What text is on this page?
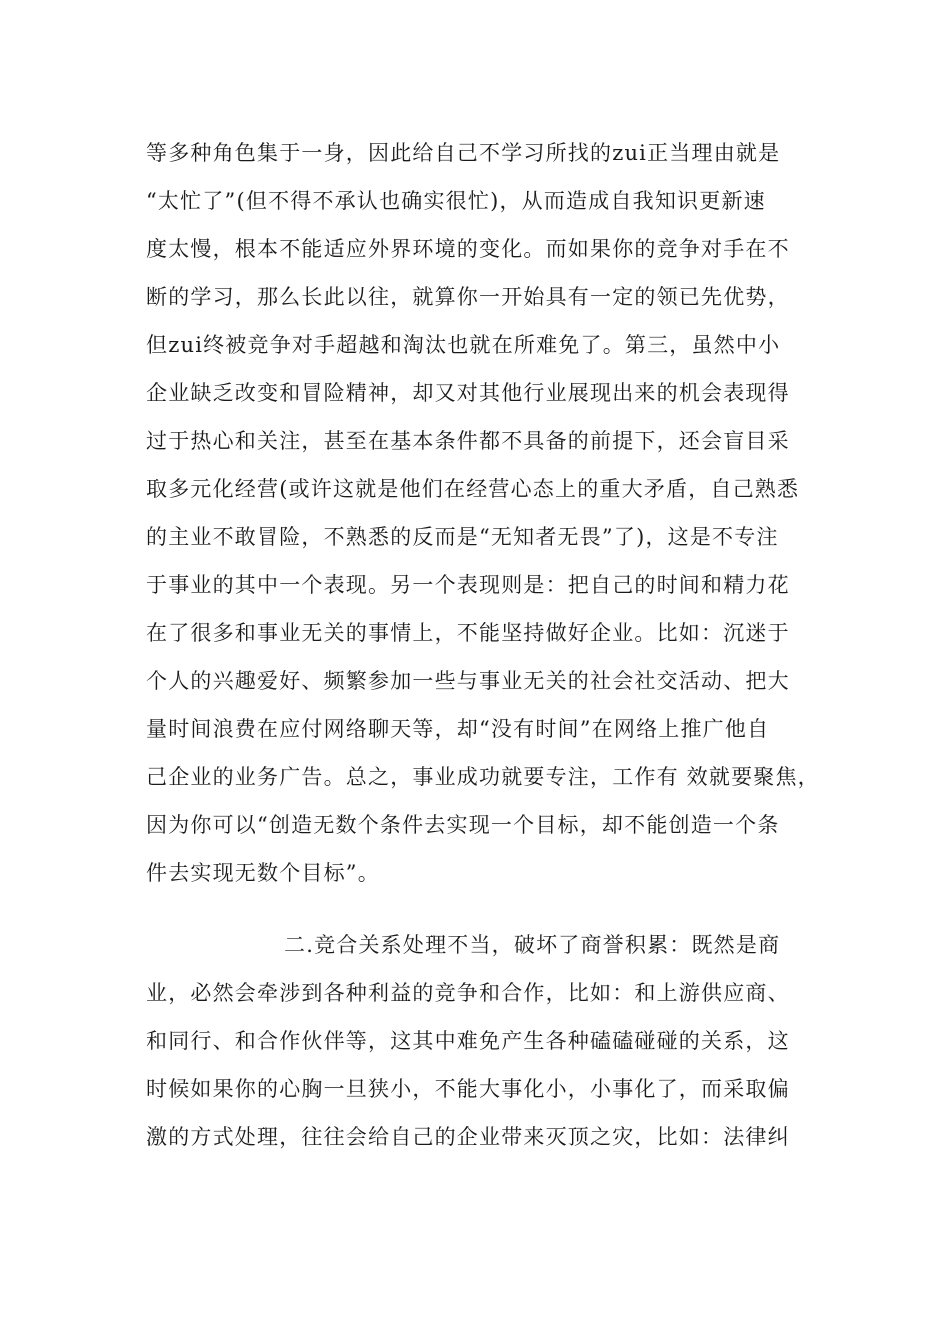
等多种角色集于一身，因此给自己不学习所找的zui正当理由就是
“太忙了”(但不得不承认也确实很忙)，从而造成自我知识更新速
度太慢，根本不能适应外界环境的变化。而如果你的竞争对手在不
断的学习，那么长此以往，就算你一开始具有一定的领已先优势，
但zui终被竞争对手超越和淘汰也就在所难免了。第三，虽然中小
企业缺乏改变和冒险精神，却又对其他行业展现出来的机会表现得
过于热心和关注，甚至在基本条件都不具备的前提下，还会盲目采
取多元化经营(或许这就是他们在经营心态上的重大矛盾，自己熟悉
的主业不敢冒险，不熟悉的反而是“无知者无畏”了)，这是不专注
于事业的其中一个表现。另一个表现则是：把自己的时间和精力花
在了很多和事业无关的事情上，不能坚持做好企业。比如：沉迷于
个人的兴趣爱好、频繁参加一些与事业无关的社会社交活动、把大
量时间浪费在应付网络聊天等，却“没有时间”在网络上推广他自
己企业的业务广告。总之，事业成功就要专注，工作有 效就要聚焦，
因为你可以“创造无数个条件去实现一个目标，却不能创造一个条
件去实现无数个目标”。
二.竞合关系处理不当，破坏了商誉积累：既然是商
业，必然会牵涉到各种利益的竞争和合作，比如：和上游供应商、
和同行、和合作伙伴等，这其中难免产生各种磕磕碰碰的关系，这
时候如果你的心胸一旦狭小，不能大事化小，小事化了，而采取偏
激的方式处理，往往会给自己的企业带来灭顶之灾，比如：法律纠
